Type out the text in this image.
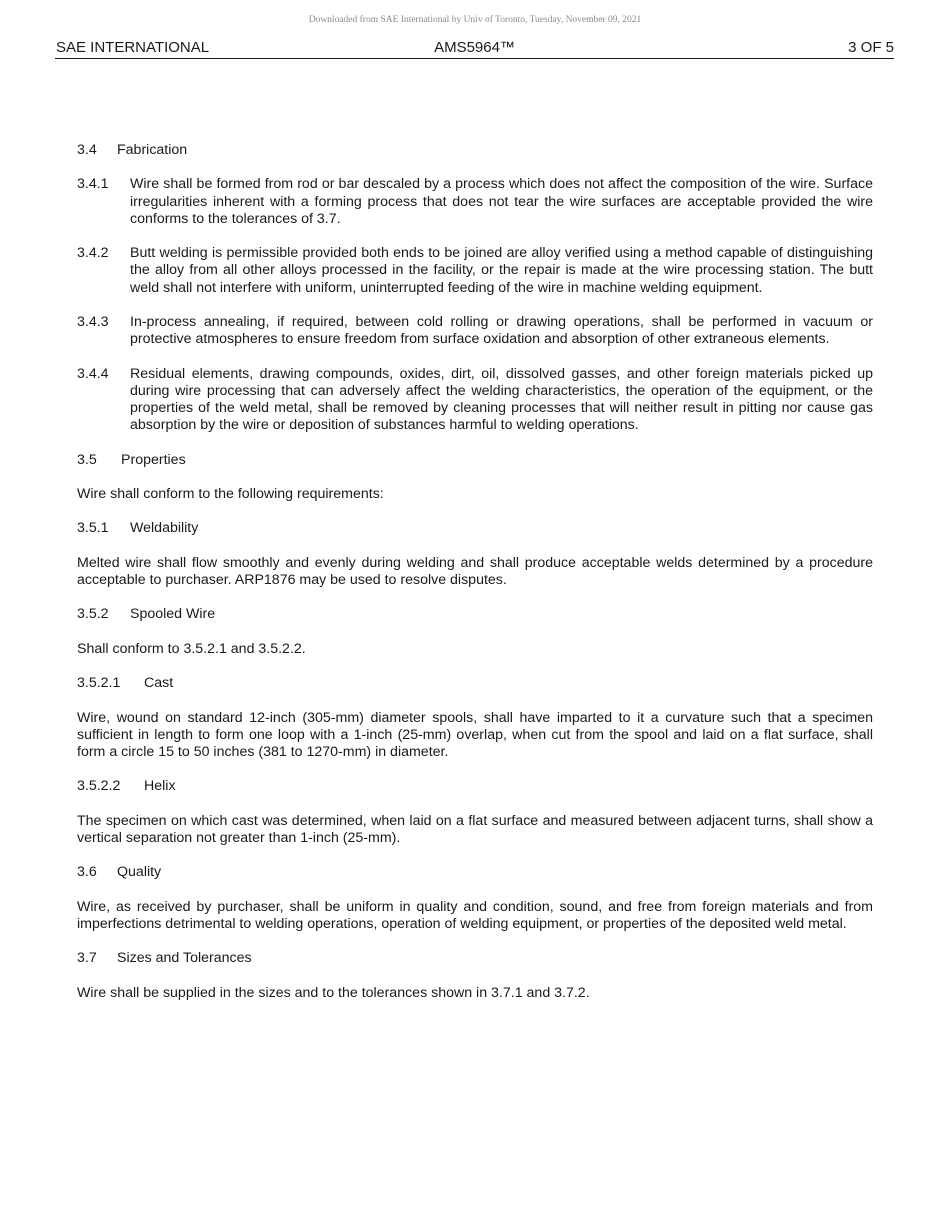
Downloaded from SAE International by Univ of Toronto, Tuesday, November 09, 2021
SAE INTERNATIONAL	AMS5964™	3 OF 5
3.4	Fabrication
3.4.1	Wire shall be formed from rod or bar descaled by a process which does not affect the composition of the wire. Surface irregularities inherent with a forming process that does not tear the wire surfaces are acceptable provided the wire conforms to the tolerances of 3.7.
3.4.2	Butt welding is permissible provided both ends to be joined are alloy verified using a method capable of distinguishing the alloy from all other alloys processed in the facility, or the repair is made at the wire processing station. The butt weld shall not interfere with uniform, uninterrupted feeding of the wire in machine welding equipment.
3.4.3	In-process annealing, if required, between cold rolling or drawing operations, shall be performed in vacuum or protective atmospheres to ensure freedom from surface oxidation and absorption of other extraneous elements.
3.4.4	Residual elements, drawing compounds, oxides, dirt, oil, dissolved gasses, and other foreign materials picked up during wire processing that can adversely affect the welding characteristics, the operation of the equipment, or the properties of the weld metal, shall be removed by cleaning processes that will neither result in pitting nor cause gas absorption by the wire or deposition of substances harmful to welding operations.
3.5	Properties

Wire shall conform to the following requirements:

3.5.1	Weldability

Melted wire shall flow smoothly and evenly during welding and shall produce acceptable welds determined by a procedure acceptable to purchaser. ARP1876 may be used to resolve disputes.

3.5.2	Spooled Wire

Shall conform to 3.5.2.1 and 3.5.2.2.

3.5.2.1	Cast

Wire, wound on standard 12-inch (305-mm) diameter spools, shall have imparted to it a curvature such that a specimen sufficient in length to form one loop with a 1-inch (25-mm) overlap, when cut from the spool and laid on a flat surface, shall form a circle 15 to 50 inches (381 to 1270-mm) in diameter.

3.5.2.2	Helix

The specimen on which cast was determined, when laid on a flat surface and measured between adjacent turns, shall show a vertical separation not greater than 1-inch (25-mm).

3.6	Quality

Wire, as received by purchaser, shall be uniform in quality and condition, sound, and free from foreign materials and from imperfections detrimental to welding operations, operation of welding equipment, or properties of the deposited weld metal.

3.7	Sizes and Tolerances

Wire shall be supplied in the sizes and to the tolerances shown in 3.7.1 and 3.7.2.
